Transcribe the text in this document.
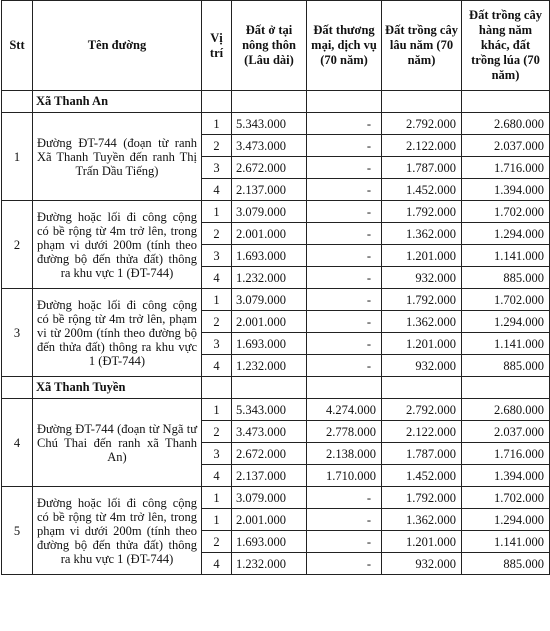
Stt	Tên đường	Vị trí	Đất ở tại nông thôn (Lâu dài)	Đất thương mại, dịch vụ (70 năm)	Đất trồng cây lâu năm (70 năm)	Đất trồng cây hàng năm khác, đất trồng lúa (70 năm)
	Xã Thanh An					
1	Đường ĐT-744 (đoạn từ ranh Xã Thanh Tuyền đến ranh Thị Trấn Dầu Tiếng)	1	5.343.000	-	2.792.000	2.680.000
		2	3.473.000	-	2.122.000	2.037.000
		3	2.672.000	-	1.787.000	1.716.000
		4	2.137.000	-	1.452.000	1.394.000
2	Đường hoặc lối đi công cộng có bề rộng từ 4m trở lên, trong phạm vi dưới 200m (tính theo đường bộ đến thửa đất) thông ra khu vực 1 (ĐT-744)	1	3.079.000	-	1.792.000	1.702.000
		2	2.001.000	-	1.362.000	1.294.000
		3	1.693.000	-	1.201.000	1.141.000
		4	1.232.000	-	932.000	885.000
3	Đường hoặc lối đi công cộng có bề rộng từ 4m trở lên, phạm vi từ 200m (tính theo đường bộ đến thửa đất) thông ra khu vực 1 (ĐT-744)	1	3.079.000	-	1.792.000	1.702.000
		2	2.001.000	-	1.362.000	1.294.000
		3	1.693.000	-	1.201.000	1.141.000
		4	1.232.000	-	932.000	885.000
	Xã Thanh Tuyền					
4	Đường ĐT-744 (đoạn từ Ngã tư Chú Thai đến ranh xã Thanh An)	1	5.343.000	4.274.000	2.792.000	2.680.000
		2	3.473.000	2.778.000	2.122.000	2.037.000
		3	2.672.000	2.138.000	1.787.000	1.716.000
		4	2.137.000	1.710.000	1.452.000	1.394.000
5	Đường hoặc lối đi công cộng có bề rộng từ 4m trở lên, trong phạm vi dưới 200m (tính theo đường bộ đến thửa đất) thông ra khu vực 1 (ĐT-744)	1	3.079.000	-	1.792.000	1.702.000
		1	2.001.000	-	1.362.000	1.294.000
		2	1.693.000	-	1.201.000	1.141.000
		4	1.232.000	-	932.000	885.000
